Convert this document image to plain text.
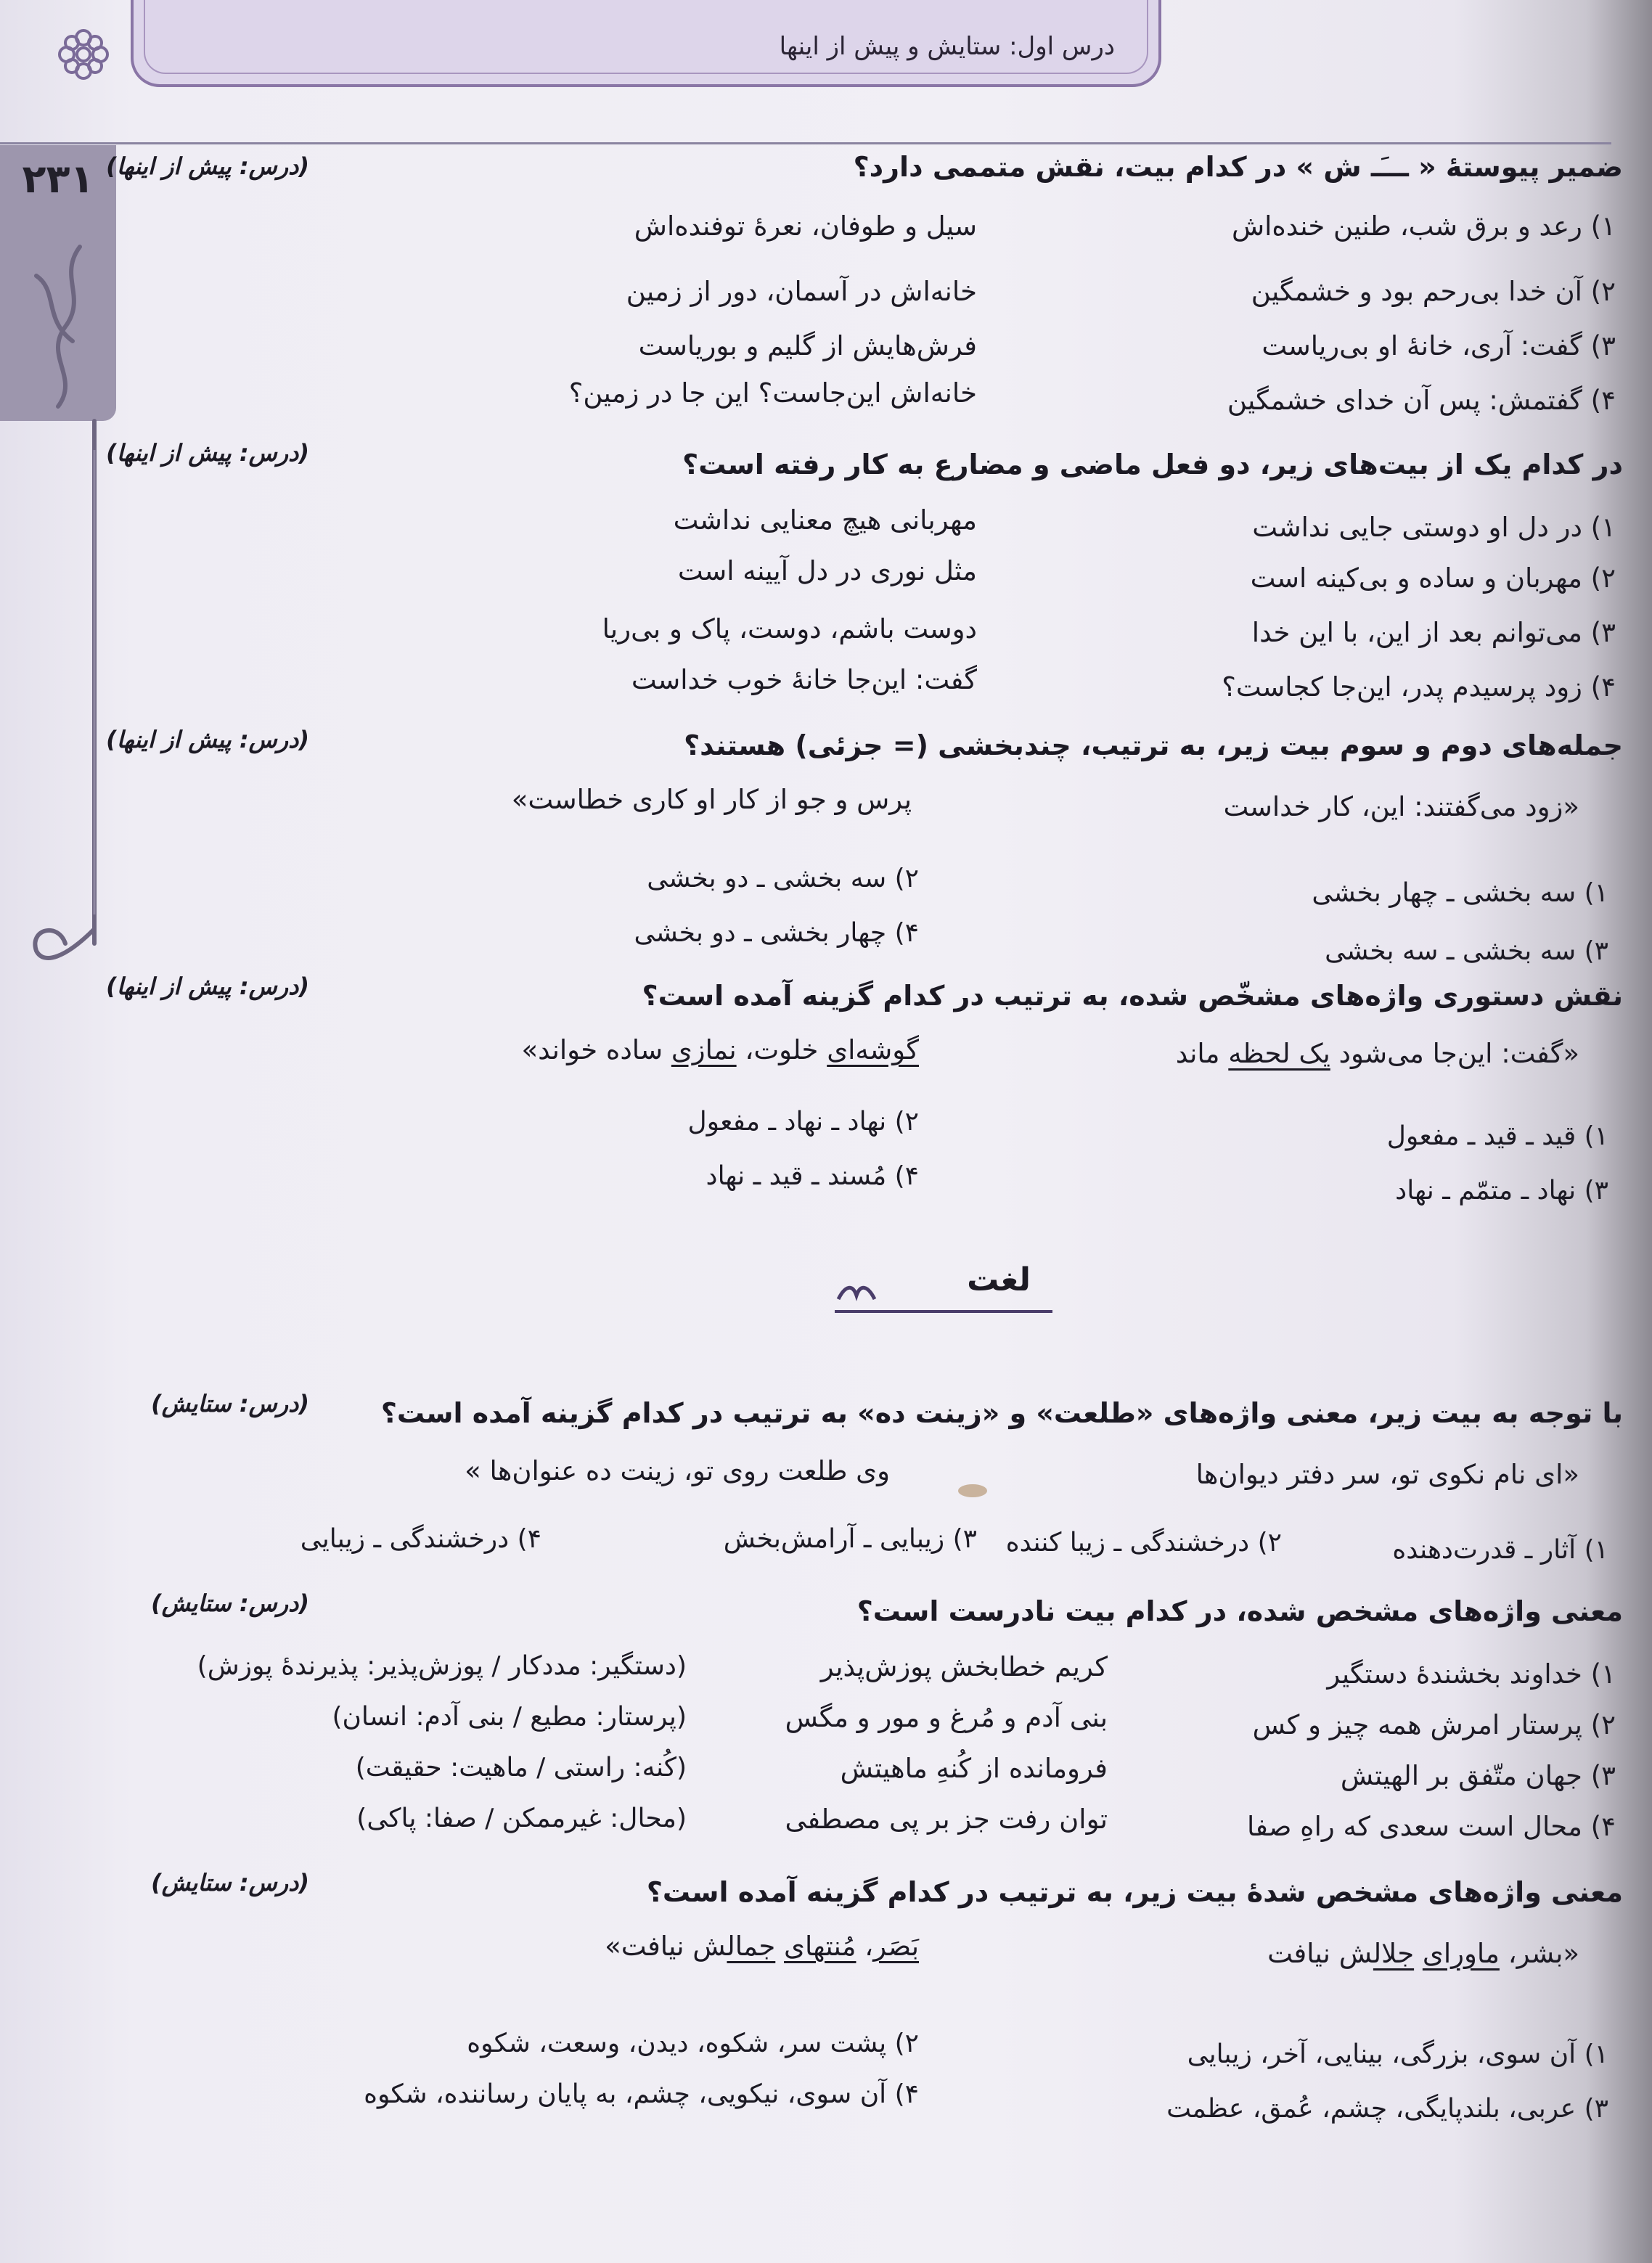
درس اول: ستایش و پیش از اینها
۲۳۱ (درس: پیش از اینها)	ضمیر پیوستهٔ « ـــَـ ش » در کدام بیت، نقش متممی دارد؟
۱) رعد و برق شب، طنین خنده‌اش
سیل و طوفان، نعرهٔ توفنده‌اش
۲) آن خدا بی‌رحم بود و خشمگین
خانه‌اش در آسمان، دور از زمین
۳) گفت: آری، خانهٔ او بی‌ریاست
فرش‌هایش از گلیم و بوریاست
۴) گفتمش: پس آن خدای خشمگین
خانه‌اش این‌جاست؟ این جا در زمین؟
(درس: پیش از اینها)	در کدام یک از بیت‌های زیر، دو فعل ماضی و مضارع به کار رفته است؟
۱) در دل او دوستی جایی نداشت
مهربانی هیچ معنایی نداشت
۲) مهربان و ساده و بی‌کینه است
مثل نوری در دل آیینه است
۳) می‌توانم بعد از این، با این خدا
دوست باشم، دوست، پاک و بی‌ریا
۴) زود پرسیدم پدر، این‌جا کجاست؟
گفت: این‌جا خانهٔ خوب خداست
(درس: پیش از اینها)	جمله‌های دوم و سوم بیت زیر، به ترتیب، چندبخشی (= جزئی) هستند؟
«زود می‌گفتند: این، کار خداست
پرس و جو از کار او کاری خطاست»
۱) سه بخشی ـ چهار بخشی
۲) سه بخشی ـ دو بخشی
۳) سه بخشی ـ سه بخشی
۴) چهار بخشی ـ دو بخشی
(درس: پیش از اینها)	نقش دستوری واژه‌های مشخّص شده، به ترتیب در کدام گزینه آمده است؟
«گفت: این‌جا می‌شود یک لحظه ماند
گوشه‌ای خلوت، نمازی ساده خواند»
۱) قید ـ قید ـ مفعول
۲) نهاد ـ نهاد ـ مفعول
۳) نهاد ـ متمّم ـ نهاد
۴) مُسند ـ قید ـ نهاد
لغت
(درس: ستایش)	با توجه به بیت زیر، معنی واژه‌های «طلعت» و «زینت ده» به ترتیب در کدام گزینه آمده است؟
«ای نام نکوی تو، سر دفتر دیوان‌ها
وی طلعت روی تو، زینت ده عنوان‌ها »
۱) آثار ـ قدرت‌دهنده
۲) درخشندگی ـ زیبا کننده
۳) زیبایی ـ آرامش‌بخش
۴) درخشندگی ـ زیبایی
(درس: ستایش)	معنی واژه‌های مشخص شده، در کدام بیت نادرست است؟
۱) خداوند بخشندهٔ دستگیر
کریم خطابخش پوزش‌پذیر
(دستگیر: مددکار / پوزش‌پذیر: پذیرندهٔ پوزش)
۲) پرستار امرش همه چیز و کس
بنی آدم و مُرغ و مور و مگس
(پرستار: مطیع / بنی آدم: انسان)
۳) جهان متّفق بر الهیتش
فرومانده از کُنهِ ماهیتش
(کُنه: راستی / ماهیت: حقیقت)
۴) محال است سعدی که راهِ صفا
توان رفت جز بر پی مصطفی
(محال: غیرممکن / صفا: پاکی)
(درس: ستایش)	معنی واژه‌های مشخص شدهٔ بیت زیر، به ترتیب در کدام گزینه آمده است؟
«بشر، ماورای جلالش نیافت
بَصَر، مُنتهای جمالش نیافت»
۱) آن سوی، بزرگی، بینایی، آخر، زیبایی
۲) پشت سر، شکوه، دیدن، وسعت، شکوه
۳) عربی، بلندپایگی، چشم، عُمق، عظمت
۴) آن سوی، نیکویی، چشم، به پایان رساننده، شکوه
